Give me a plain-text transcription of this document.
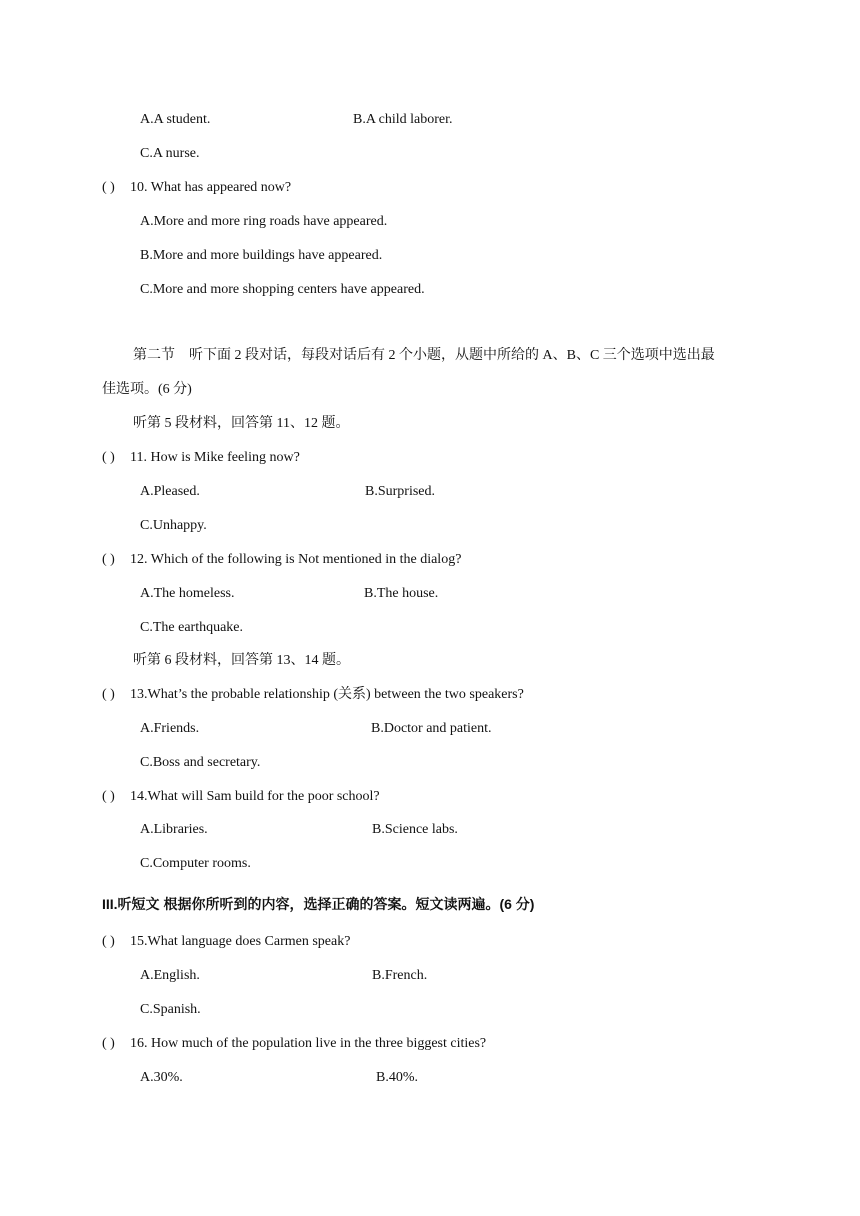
A.A student.	B.A child laborer.
C.A nurse.
( ) 10. What has appeared now?
A.More and more ring roads have appeared.
B.More and more buildings have appeared.
C.More and more shopping centers have appeared.
第二节　听下面 2 段对话，每段对话后有 2 个小题，从题中所给的 A、B、C 三个选项中选出最
佳选项。(6 分)
听第 5 段材料，回答第 11、12 题。
( ) 11. How is Mike feeling now?
A.Pleased.	B.Surprised.
C.Unhappy.
( ) 12. Which of the following is Not mentioned in the dialog?
A.The homeless.	B.The house.
C.The earthquake.
听第 6 段材料，回答第 13、14 题。
( ) 13.What’s the probable relationship (关系) between the two speakers?
A.Friends.	B.Doctor and patient.
C.Boss and secretary.
( ) 14.What will Sam build for the poor school?
A.Libraries.	B.Science labs.
C.Computer rooms.
III.听短文 根据你所听到的内容，选择正确的答案。短文读两遍。(6 分)
( ) 15.What language does Carmen speak?
A.English.	B.French.
C.Spanish.
( ) 16. How much of the population live in the three biggest cities?
A.30%.	B.40%.
